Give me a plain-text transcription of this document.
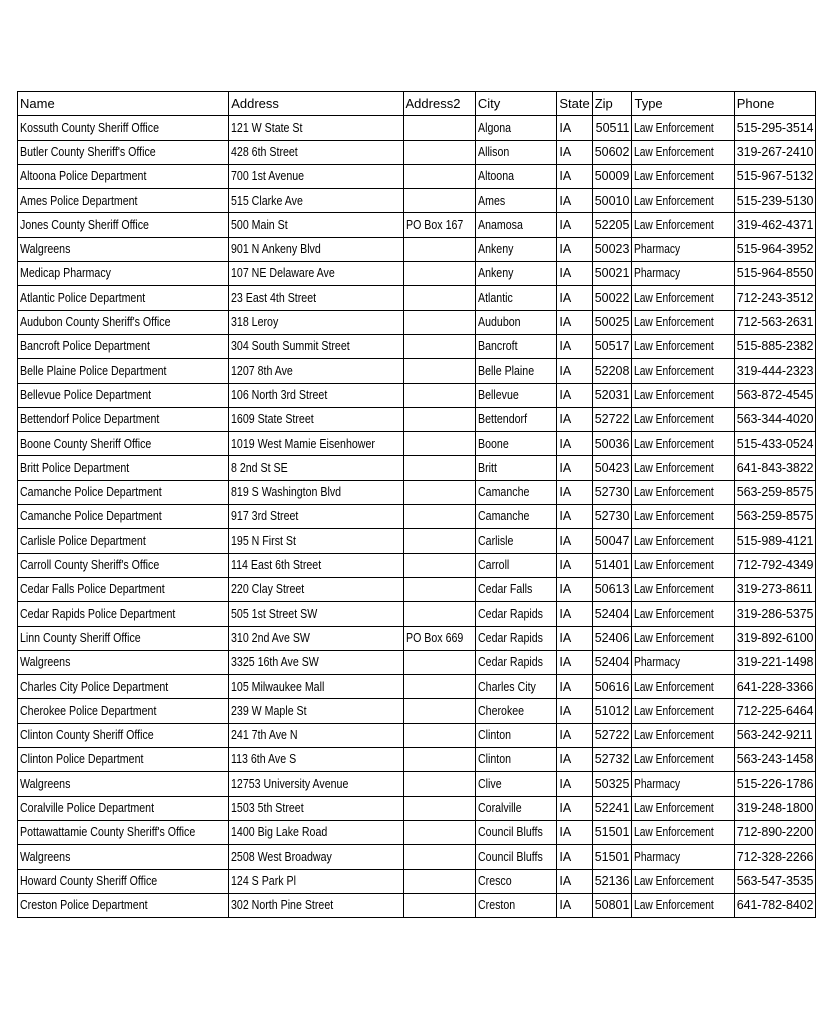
Name	Address	Address2	City	State	Zip	Type	Phone
Kossuth County Sheriff Office	121 W State St		Algona	IA	50511	Law Enforcement	515-295-3514
Butler County Sheriff's Office	428 6th Street		Allison	IA	50602	Law Enforcement	319-267-2410
Altoona Police Department	700 1st Avenue		Altoona	IA	50009	Law Enforcement	515-967-5132
Ames Police Department	515 Clarke Ave		Ames	IA	50010	Law Enforcement	515-239-5130
Jones County Sheriff Office	500 Main St	PO Box 167	Anamosa	IA	52205	Law Enforcement	319-462-4371
Walgreens	901 N Ankeny Blvd		Ankeny	IA	50023	Pharmacy	515-964-3952
Medicap Pharmacy	107 NE Delaware Ave		Ankeny	IA	50021	Pharmacy	515-964-8550
Atlantic Police Department	23 East 4th Street		Atlantic	IA	50022	Law Enforcement	712-243-3512
Audubon County Sheriff's Office	318 Leroy		Audubon	IA	50025	Law Enforcement	712-563-2631
Bancroft Police Department	304 South Summit Street		Bancroft	IA	50517	Law Enforcement	515-885-2382
Belle Plaine Police Department	1207 8th Ave		Belle Plaine	IA	52208	Law Enforcement	319-444-2323
Bellevue Police Department	106 North 3rd Street		Bellevue	IA	52031	Law Enforcement	563-872-4545
Bettendorf Police Department	1609 State Street		Bettendorf	IA	52722	Law Enforcement	563-344-4020
Boone County Sheriff Office	1019 West Mamie Eisenhower		Boone	IA	50036	Law Enforcement	515-433-0524
Britt Police Department	8 2nd St SE		Britt	IA	50423	Law Enforcement	641-843-3822
Camanche Police Department	819 S Washington Blvd		Camanche	IA	52730	Law Enforcement	563-259-8575
Camanche Police Department	917 3rd Street		Camanche	IA	52730	Law Enforcement	563-259-8575
Carlisle Police Department	195 N First St		Carlisle	IA	50047	Law Enforcement	515-989-4121
Carroll County Sheriff's Office	114 East 6th Street		Carroll	IA	51401	Law Enforcement	712-792-4349
Cedar Falls Police Department	220 Clay Street		Cedar Falls	IA	50613	Law Enforcement	319-273-8611
Cedar Rapids Police Department	505 1st Street SW		Cedar Rapids	IA	52404	Law Enforcement	319-286-5375
Linn County Sheriff Office	310 2nd Ave SW	PO Box 669	Cedar Rapids	IA	52406	Law Enforcement	319-892-6100
Walgreens	3325 16th Ave SW		Cedar Rapids	IA	52404	Pharmacy	319-221-1498
Charles City Police Department	105 Milwaukee Mall		Charles City	IA	50616	Law Enforcement	641-228-3366
Cherokee Police Department	239 W Maple St		Cherokee	IA	51012	Law Enforcement	712-225-6464
Clinton County Sheriff Office	241 7th Ave N		Clinton	IA	52722	Law Enforcement	563-242-9211
Clinton Police Department	113 6th Ave S		Clinton	IA	52732	Law Enforcement	563-243-1458
Walgreens	12753 University Avenue		Clive	IA	50325	Pharmacy	515-226-1786
Coralville Police Department	1503 5th Street		Coralville	IA	52241	Law Enforcement	319-248-1800
Pottawattamie County Sheriff's Office	1400 Big Lake Road		Council Bluffs	IA	51501	Law Enforcement	712-890-2200
Walgreens	2508 West Broadway		Council Bluffs	IA	51501	Pharmacy	712-328-2266
Howard County Sheriff Office	124 S Park Pl		Cresco	IA	52136	Law Enforcement	563-547-3535
Creston Police Department	302 North Pine Street		Creston	IA	50801	Law Enforcement	641-782-8402
